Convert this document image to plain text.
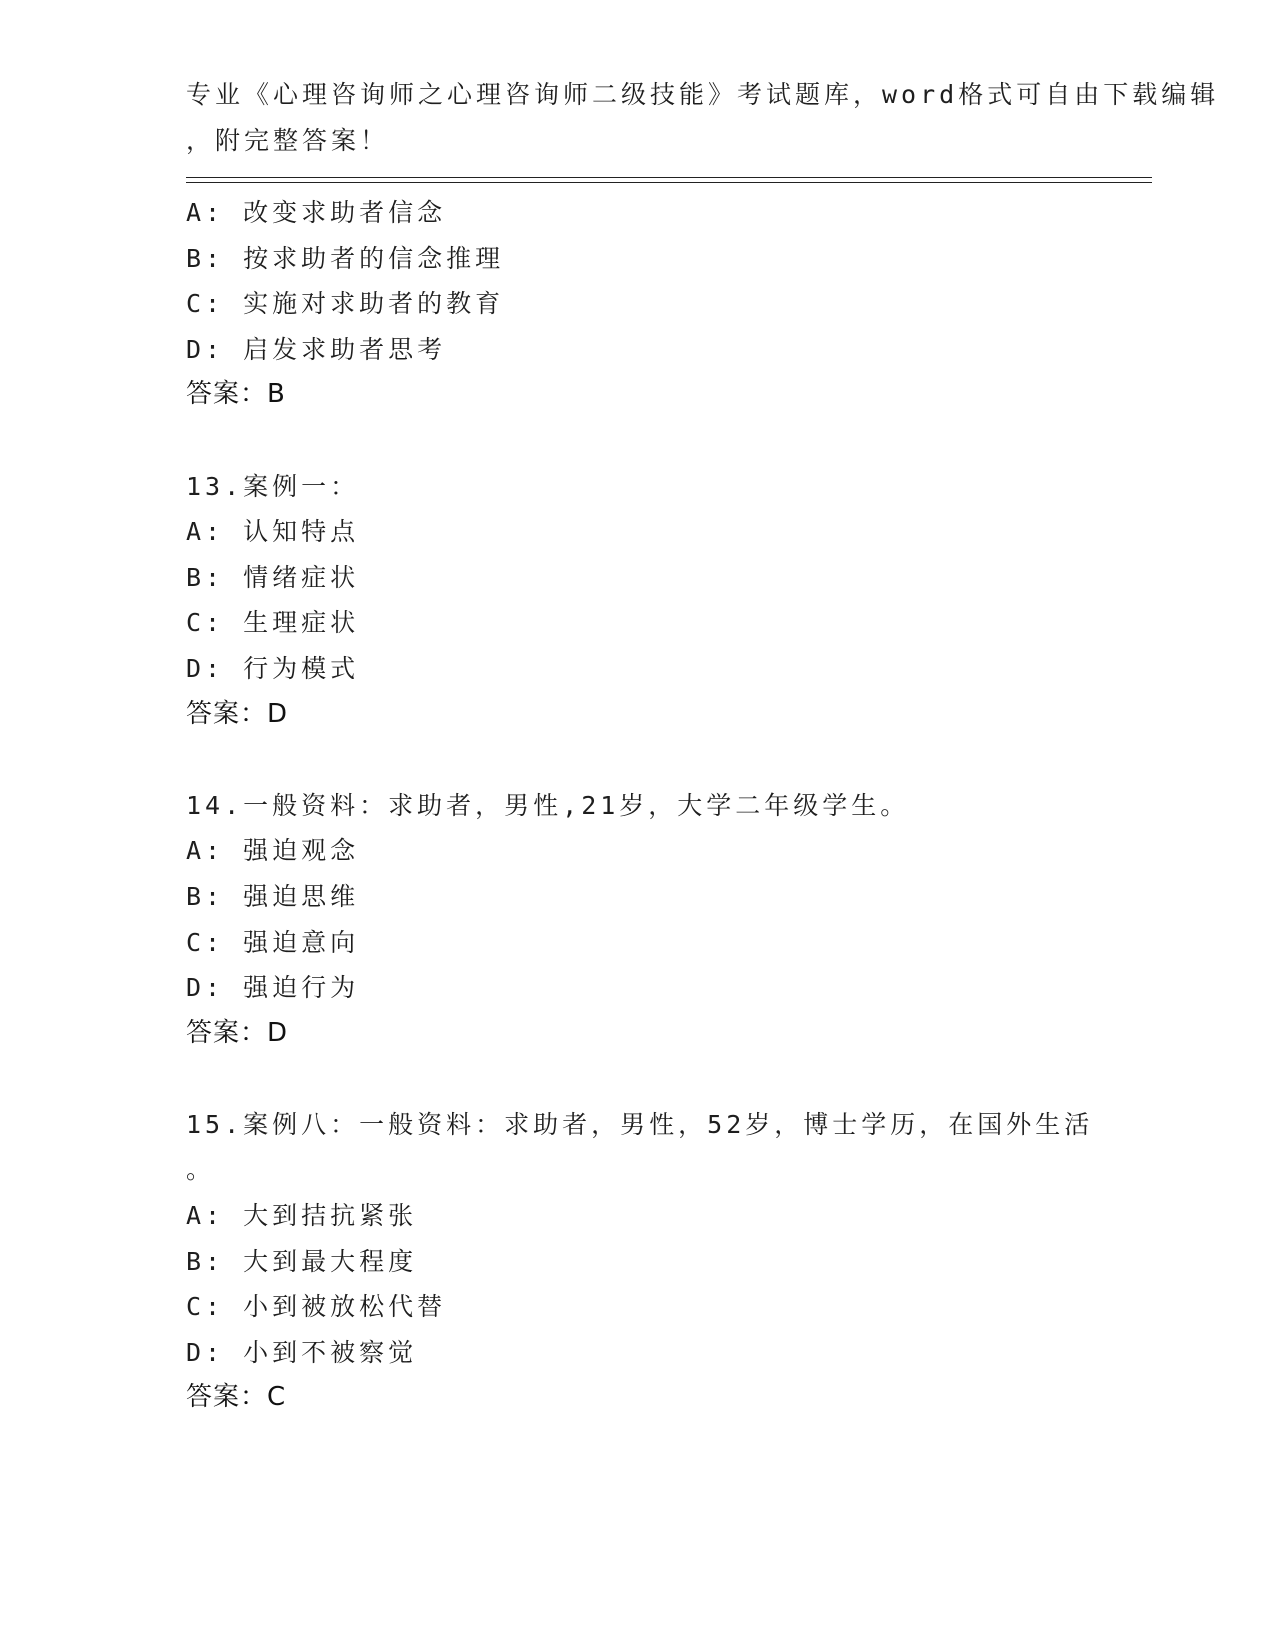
专业《心理咨询师之心理咨询师二级技能》考试题库，word格式可自由下载编辑
，附完整答案！
A: 改变求助者信念
B: 按求助者的信念推理
C: 实施对求助者的教育
D: 启发求助者思考
答案：B
13.案例一：
A: 认知特点
B: 情绪症状
C: 生理症状
D: 行为模式
答案：D
14.一般资料：求助者，男性,21岁，大学二年级学生。
A: 强迫观念
B: 强迫思维
C: 强迫意向
D: 强迫行为
答案：D
15.案例八：一般资料：求助者，男性，52岁，博士学历，在国外生活
。
A: 大到拮抗紧张
B: 大到最大程度
C: 小到被放松代替
D: 小到不被察觉
答案：C
